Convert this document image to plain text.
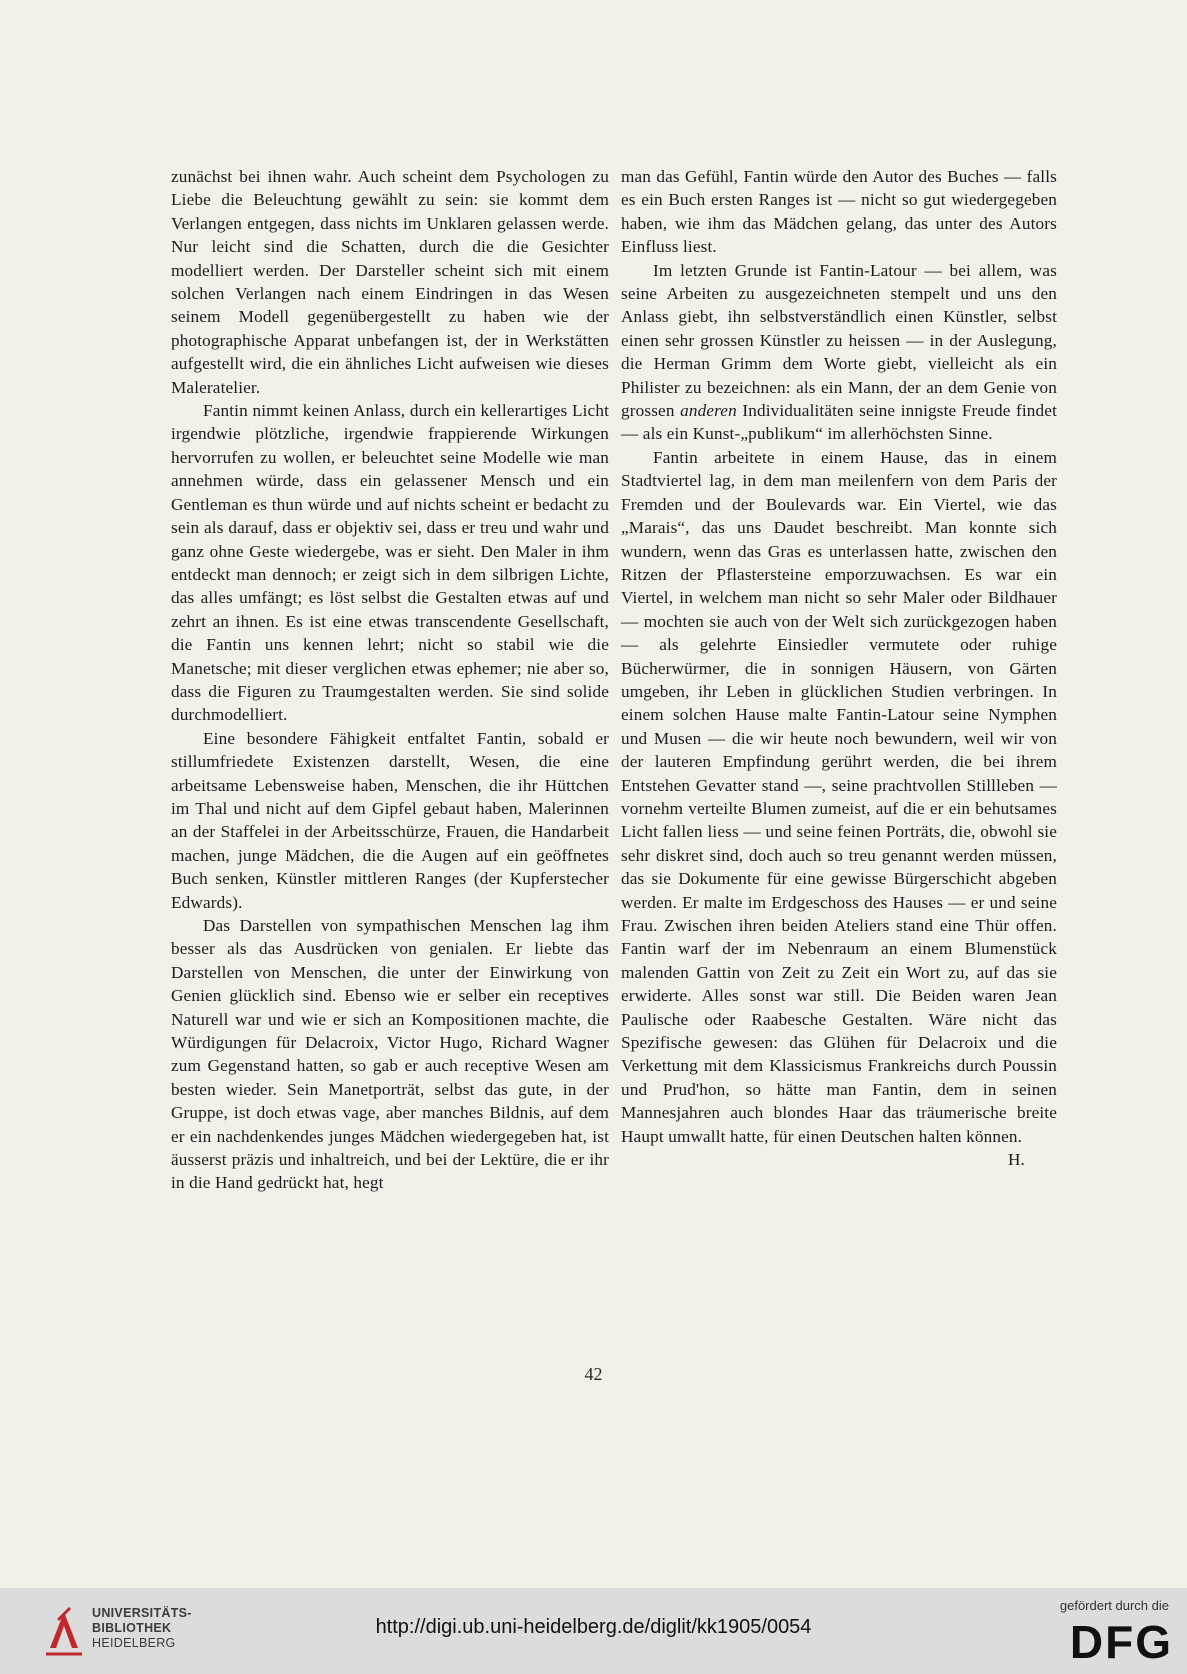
zunächst bei ihnen wahr. Auch scheint dem Psychologen zu Liebe die Beleuchtung gewählt zu sein: sie kommt dem Verlangen entgegen, dass nichts im Unklaren gelassen werde. Nur leicht sind die Schatten, durch die die Gesichter modelliert werden. Der Darsteller scheint sich mit einem solchen Verlangen nach einem Eindringen in das Wesen seinem Modell gegenübergestellt zu haben wie der photographische Apparat unbefangen ist, der in Werkstätten aufgestellt wird, die ein ähnliches Licht aufweisen wie dieses Maleratelier.

Fantin nimmt keinen Anlass, durch ein kellerartiges Licht irgendwie plötzliche, irgendwie frappierende Wirkungen hervorrufen zu wollen, er beleuchtet seine Modelle wie man annehmen würde, dass ein gelassener Mensch und ein Gentleman es thun würde und auf nichts scheint er bedacht zu sein als darauf, dass er objektiv sei, dass er treu und wahr und ganz ohne Geste wiedergebe, was er sieht. Den Maler in ihm entdeckt man dennoch; er zeigt sich in dem silbrigen Lichte, das alles umfängt; es löst selbst die Gestalten etwas auf und zehrt an ihnen. Es ist eine etwas transcendente Gesellschaft, die Fantin uns kennen lehrt; nicht so stabil wie die Manetsche; mit dieser verglichen etwas ephemer; nie aber so, dass die Figuren zu Traumgestalten werden. Sie sind solide durchmodelliert.

Eine besondere Fähigkeit entfaltet Fantin, sobald er stillumfriedete Existenzen darstellt, Wesen, die eine arbeitsame Lebensweise haben, Menschen, die ihr Hüttchen im Thal und nicht auf dem Gipfel gebaut haben, Malerinnen an der Staffelei in der Arbeitsschürze, Frauen, die Handarbeit machen, junge Mädchen, die die Augen auf ein geöffnetes Buch senken, Künstler mittleren Ranges (der Kupferstecher Edwards).

Das Darstellen von sympathischen Menschen lag ihm besser als das Ausdrücken von genialen. Er liebte das Darstellen von Menschen, die unter der Einwirkung von Genien glücklich sind. Ebenso wie er selber ein receptives Naturell war und wie er sich an Kompositionen machte, die Würdigungen für Delacroix, Victor Hugo, Richard Wagner zum Gegenstand hatten, so gab er auch receptive Wesen am besten wieder. Sein Manetporträt, selbst das gute, in der Gruppe, ist doch etwas vage, aber manches Bildnis, auf dem er ein nachdenkendes junges Mädchen wiedergegeben hat, ist äusserst präzis und inhaltreich, und bei der Lektüre, die er ihr in die Hand gedrückt hat, hegt

man das Gefühl, Fantin würde den Autor des Buches — falls es ein Buch ersten Ranges ist — nicht so gut wiedergegeben haben, wie ihm das Mädchen gelang, das unter des Autors Einfluss liest.

Im letzten Grunde ist Fantin-Latour — bei allem, was seine Arbeiten zu ausgezeichneten stempelt und uns den Anlass giebt, ihn selbstverständlich einen Künstler, selbst einen sehr grossen Künstler zu heissen — in der Auslegung, die Herman Grimm dem Worte giebt, vielleicht als ein Philister zu bezeichnen: als ein Mann, der an dem Genie von grossen anderen Individualitäten seine innigste Freude findet — als ein Kunst-„publikum“ im allerhöchsten Sinne.

Fantin arbeitete in einem Hause, das in einem Stadtviertel lag, in dem man meilenfern von dem Paris der Fremden und der Boulevards war. Ein Viertel, wie das „Marais“, das uns Daudet beschreibt. Man konnte sich wundern, wenn das Gras es unterlassen hatte, zwischen den Ritzen der Pflastersteine emporzuwachsen. Es war ein Viertel, in welchem man nicht so sehr Maler oder Bildhauer — mochten sie auch von der Welt sich zurückgezogen haben — als gelehrte Einsiedler vermutete oder ruhige Bücherwürmer, die in sonnigen Häusern, von Gärten umgeben, ihr Leben in glücklichen Studien verbringen. In einem solchen Hause malte Fantin-Latour seine Nymphen und Musen — die wir heute noch bewundern, weil wir von der lauteren Empfindung gerührt werden, die bei ihrem Entstehen Gevatter stand —, seine prachtvollen Stillleben — vornehm verteilte Blumen zumeist, auf die er ein behutsames Licht fallen liess — und seine feinen Porträts, die, obwohl sie sehr diskret sind, doch auch so treu genannt werden müssen, das sie Dokumente für eine gewisse Bürgerschicht abgeben werden. Er malte im Erdgeschoss des Hauses — er und seine Frau. Zwischen ihren beiden Ateliers stand eine Thür offen. Fantin warf der im Nebenraum an einem Blumenstück malenden Gattin von Zeit zu Zeit ein Wort zu, auf das sie erwiderte. Alles sonst war still. Die Beiden waren Jean Paulische oder Raabesche Gestalten. Wäre nicht das Spezifische gewesen: das Glühen für Delacroix und die Verkettung mit dem Klassicismus Frankreichs durch Poussin und Prud'hon, so hätte man Fantin, dem in seinen Mannesjahren auch blondes Haar das träumerische breite Haupt umwallt hatte, für einen Deutschen halten können.

H.

42
UNIVERSITÄTS-
BIBLIOTHEK
HEIDELBERG
http://digi.ub.uni-heidelberg.de/diglit/kk1905/0054
gefördert durch die
DFG
